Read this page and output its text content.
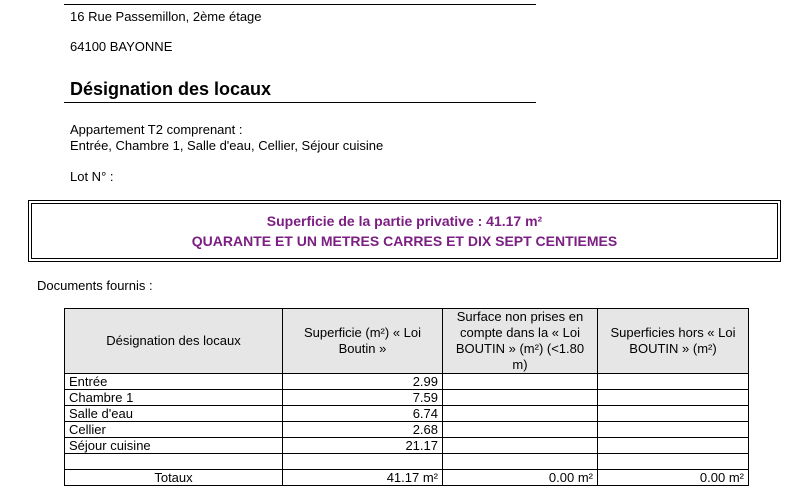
16 Rue Passemillon, 2ème étage
64100 BAYONNE
Désignation des locaux
Appartement T2 comprenant :
Entrée, Chambre 1, Salle d'eau, Cellier, Séjour cuisine
Lot N° :
Superficie de la partie privative : 41.17 m²
QUARANTE ET UN METRES CARRES ET DIX SEPT CENTIEMES
Documents fournis :
Désignation des locaux	Superficie (m²) « Loi Boutin »	Surface non prises en compte dans la « Loi BOUTIN » (m²) (<1.80 m)	Superficies hors « Loi BOUTIN » (m²)
Entrée	2.99		
Chambre 1	7.59		
Salle d'eau	6.74		
Cellier	2.68		
Séjour cuisine	21.17		

Totaux	41.17 m²	0.00 m²	0.00 m²
